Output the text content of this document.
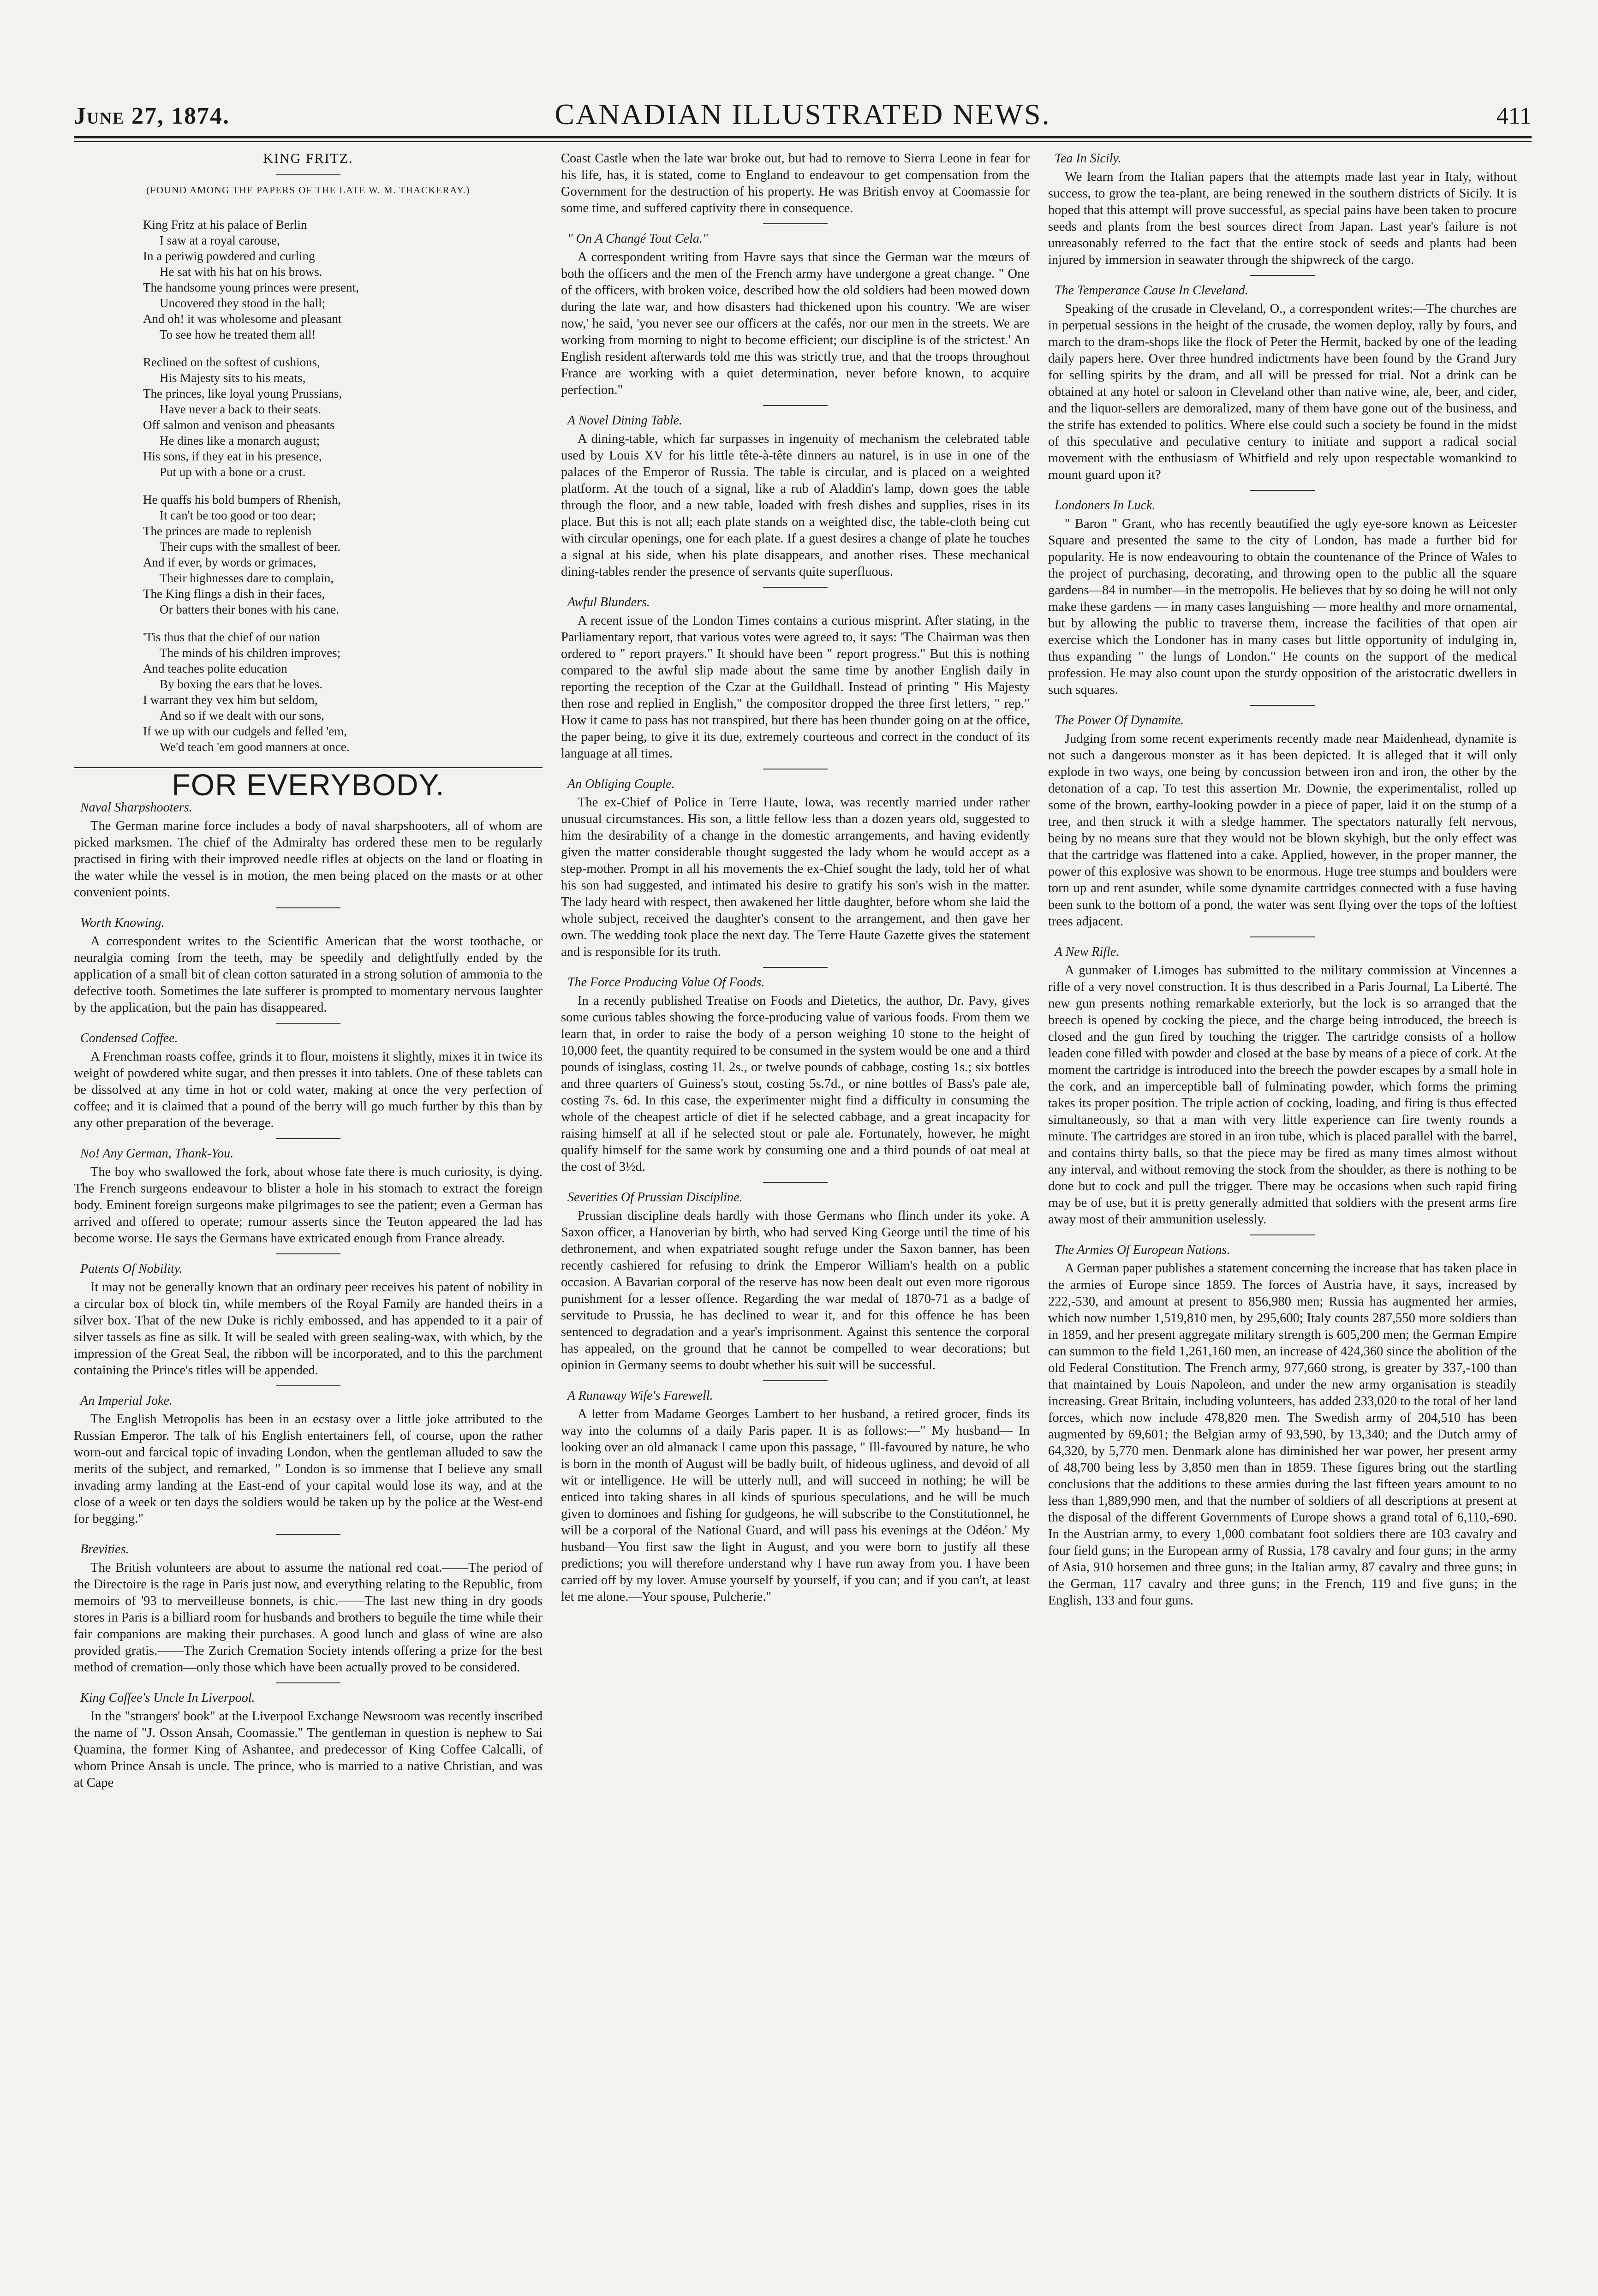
June 27, 1874.	CANADIAN ILLUSTRATED NEWS.	411
KING FRITZ.
(FOUND AMONG THE PAPERS OF THE LATE W. M. THACKERAY.)
King Fritz at his palace of Berlin
I saw at a royal carouse,
In a periwig powdered and curling
He sat with his hat on his brows.
The handsome young princes were present,
Uncovered they stood in the hall;
And oh! it was wholesome and pleasant
To see how he treated them all!
Reclined on the softest of cushions,
His Majesty sits to his meats,
The princes, like loyal young Prussians,
Have never a back to their seats.
Off salmon and venison and pheasants
He dines like a monarch august;
His sons, if they eat in his presence,
Put up with a bone or a crust.
He quaffs his bold bumpers of Rhenish,
It can't be too good or too dear;
The princes are made to replenish
Their cups with the smallest of beer.
And if ever, by words or grimaces,
Their highnesses dare to complain,
The King flings a dish in their faces,
Or batters their bones with his cane.
'Tis thus that the chief of our nation
The minds of his children improves;
And teaches polite education
By boxing the ears that he loves.
I warrant they vex him but seldom,
And so if we dealt with our sons,
If we up with our cudgels and felled 'em,
We'd teach 'em good manners at once.
FOR EVERYBODY.
Naval Sharpshooters.

The German marine force includes a body of naval sharpshooters, all of whom are picked marksmen. The chief of the Admiralty has ordered these men to be regularly practised in firing with their improved needle rifles at objects on the land or floating in the water while the vessel is in motion, the men being placed on the masts or at other convenient points.

Worth Knowing.

A correspondent writes to the Scientific American that the worst toothache, or neuralgia coming from the teeth, may be speedily and delightfully ended by the application of a small bit of clean cotton saturated in a strong solution of ammonia to the defective tooth. Sometimes the late sufferer is prompted to momentary nervous laughter by the application, but the pain has disappeared.

Condensed Coffee.

A Frenchman roasts coffee, grinds it to flour, moistens it slightly, mixes it in twice its weight of powdered white sugar, and then presses it into tablets. One of these tablets can be dissolved at any time in hot or cold water, making at once the very perfection of coffee; and it is claimed that a pound of the berry will go much further by this than by any other preparation of the beverage.

No! Any German, Thank-You.

The boy who swallowed the fork, about whose fate there is much curiosity, is dying. The French surgeons endeavour to blister a hole in his stomach to extract the foreign body. Eminent foreign surgeons make pilgrimages to see the patient; even a German has arrived and offered to operate; rumour asserts since the Teuton appeared the lad has become worse. He says the Germans have extricated enough from France already.

Patents Of Nobility.

It may not be generally known that an ordinary peer receives his patent of nobility in a circular box of block tin, while members of the Royal Family are handed theirs in a silver box. That of the new Duke is richly embossed, and has appended to it a pair of silver tassels as fine as silk. It will be sealed with green sealing-wax, with which, by the impression of the Great Seal, the ribbon will be incorporated, and to this the parchment containing the Prince's titles will be appended.

An Imperial Joke.

The English Metropolis has been in an ecstasy over a little joke attributed to the Russian Emperor. The talk of his English entertainers fell, of course, upon the rather worn-out and farcical topic of invading London, when the gentleman alluded to saw the merits of the subject, and remarked, " London is so immense that I believe any small invading army landing at the East-end of your capital would lose its way, and at the close of a week or ten days the soldiers would be taken up by the police at the West-end for begging."

Brevities.

The British volunteers are about to assume the national red coat.——The period of the Directoire is the rage in Paris just now, and everything relating to the Republic, from memoirs of '93 to merveilleuse bonnets, is chic.——The last new thing in dry goods stores in Paris is a billiard room for husbands and brothers to beguile the time while their fair companions are making their purchases. A good lunch and glass of wine are also provided gratis.——The Zurich Cremation Society intends offering a prize for the best method of cremation—only those which have been actually proved to be considered.

King Coffee's Uncle In Liverpool.

In the "strangers' book" at the Liverpool Exchange Newsroom was recently inscribed the name of "J. Osson Ansah, Coomassie." The gentleman in question is nephew to Sai Quamina, the former King of Ashantee, and predecessor of King Coffee Calcalli, of whom Prince Ansah is uncle. The prince, who is married to a native Christian, and was at Cape

Coast Castle when the late war broke out, but had to remove to Sierra Leone in fear for his life, has, it is stated, come to England to endeavour to get compensation from the Government for the destruction of his property. He was British envoy at Coomassie for some time, and suffered captivity there in consequence.

" On A Changé Tout Cela."

A correspondent writing from Havre says that since the German war the mœurs of both the officers and the men of the French army have undergone a great change. " One of the officers, with broken voice, described how the old soldiers had been mowed down during the late war, and how disasters had thickened upon his country. 'We are wiser now,' he said, 'you never see our officers at the cafés, nor our men in the streets. We are working from morning to night to become efficient; our discipline is of the strictest.' An English resident afterwards told me this was strictly true, and that the troops throughout France are working with a quiet determination, never before known, to acquire perfection."

A Novel Dining Table.

A dining-table, which far surpasses in ingenuity of mechanism the celebrated table used by Louis XV for his little tête-à-tête dinners au naturel, is in use in one of the palaces of the Emperor of Russia. The table is circular, and is placed on a weighted platform. At the touch of a signal, like a rub of Aladdin's lamp, down goes the table through the floor, and a new table, loaded with fresh dishes and supplies, rises in its place. But this is not all; each plate stands on a weighted disc, the table-cloth being cut with circular openings, one for each plate. If a guest desires a change of plate he touches a signal at his side, when his plate disappears, and another rises. These mechanical dining-tables render the presence of servants quite superfluous.

Awful Blunders.

A recent issue of the London Times contains a curious misprint. After stating, in the Parliamentary report, that various votes were agreed to, it says: 'The Chairman was then ordered to " report prayers." It should have been " report progress." But this is nothing compared to the awful slip made about the same time by another English daily in reporting the reception of the Czar at the Guildhall. Instead of printing " His Majesty then rose and replied in English," the compositor dropped the three first letters, " rep." How it came to pass has not transpired, but there has been thunder going on at the office, the paper being, to give it its due, extremely courteous and correct in the conduct of its language at all times.

An Obliging Couple.

The ex-Chief of Police in Terre Haute, Iowa, was recently married under rather unusual circumstances. His son, a little fellow less than a dozen years old, suggested to him the desirability of a change in the domestic arrangements, and having evidently given the matter considerable thought suggested the lady whom he would accept as a step-mother. Prompt in all his movements the ex-Chief sought the lady, told her of what his son had suggested, and intimated his desire to gratify his son's wish in the matter. The lady heard with respect, then awakened her little daughter, before whom she laid the whole subject, received the daughter's consent to the arrangement, and then gave her own. The wedding took place the next day. The Terre Haute Gazette gives the statement and is responsible for its truth.

The Force Producing Value Of Foods.

In a recently published Treatise on Foods and Dietetics, the author, Dr. Pavy, gives some curious tables showing the force-producing value of various foods. From them we learn that, in order to raise the body of a person weighing 10 stone to the height of 10,000 feet, the quantity required to be consumed in the system would be one and a third pounds of isinglass, costing 1l. 2s., or twelve pounds of cabbage, costing 1s.; six bottles and three quarters of Guiness's stout, costing 5s.7d., or nine bottles of Bass's pale ale, costing 7s. 6d. In this case, the experimenter might find a difficulty in consuming the whole of the cheapest article of diet if he selected cabbage, and a great incapacity for raising himself at all if he selected stout or pale ale. Fortunately, however, he might qualify himself for the same work by consuming one and a third pounds of oat meal at the cost of 3½d.

Severities Of Prussian Discipline.

Prussian discipline deals hardly with those Germans who flinch under its yoke. A Saxon officer, a Hanoverian by birth, who had served King George until the time of his dethronement, and when expatriated sought refuge under the Saxon banner, has been recently cashiered for refusing to drink the Emperor William's health on a public occasion. A Bavarian corporal of the reserve has now been dealt out even more rigorous punishment for a lesser offence. Regarding the war medal of 1870-71 as a badge of servitude to Prussia, he has declined to wear it, and for this offence he has been sentenced to degradation and a year's imprisonment. Against this sentence the corporal has appealed, on the ground that he cannot be compelled to wear decorations; but opinion in Germany seems to doubt whether his suit will be successful.

A Runaway Wife's Farewell.

A letter from Madame Georges Lambert to her husband, a retired grocer, finds its way into the columns of a daily Paris paper. It is as follows:—" My husband— In looking over an old almanack I came upon this passage, " Ill-favoured by nature, he who is born in the month of August will be badly built, of hideous ugliness, and devoid of all wit or intelligence. He will be utterly null, and will succeed in nothing; he will be enticed into taking shares in all kinds of spurious speculations, and he will be much given to dominoes and fishing for gudgeons, he will subscribe to the Constitutionnel, he will be a corporal of the National Guard, and will pass his evenings at the Odéon.' My husband—You first saw the light in August, and you were born to justify all these predictions; you will therefore understand why I have run away from you. I have been carried off by my lover. Amuse yourself by yourself, if you can; and if you can't, at least let me alone.—Your spouse, Pulcherie."

Tea In Sicily.

We learn from the Italian papers that the attempts made last year in Italy, without success, to grow the tea-plant, are being renewed in the southern districts of Sicily. It is hoped that this attempt will prove successful, as special pains have been taken to procure seeds and plants from the best sources direct from Japan. Last year's failure is not unreasonably referred to the fact that the entire stock of seeds and plants had been injured by immersion in seawater through the shipwreck of the cargo.

The Temperance Cause In Cleveland.

Speaking of the crusade in Cleveland, O., a correspondent writes:—The churches are in perpetual sessions in the height of the crusade, the women deploy, rally by fours, and march to the dram-shops like the flock of Peter the Hermit, backed by one of the leading daily papers here. Over three hundred indictments have been found by the Grand Jury for selling spirits by the dram, and all will be pressed for trial. Not a drink can be obtained at any hotel or saloon in Cleveland other than native wine, ale, beer, and cider, and the liquor-sellers are demoralized, many of them have gone out of the business, and the strife has extended to politics. Where else could such a society be found in the midst of this speculative and peculative century to initiate and support a radical social movement with the enthusiasm of Whitfield and rely upon respectable womankind to mount guard upon it?

Londoners In Luck.

" Baron " Grant, who has recently beautified the ugly eye-sore known as Leicester Square and presented the same to the city of London, has made a further bid for popularity. He is now endeavouring to obtain the countenance of the Prince of Wales to the project of purchasing, decorating, and throwing open to the public all the square gardens—84 in number—in the metropolis. He believes that by so doing he will not only make these gardens — in many cases languishing — more healthy and more ornamental, but by allowing the public to traverse them, increase the facilities of that open air exercise which the Londoner has in many cases but little opportunity of indulging in, thus expanding " the lungs of London." He counts on the support of the medical profession. He may also count upon the sturdy opposition of the aristocratic dwellers in such squares.

The Power Of Dynamite.

Judging from some recent experiments recently made near Maidenhead, dynamite is not such a dangerous monster as it has been depicted. It is alleged that it will only explode in two ways, one being by concussion between iron and iron, the other by the detonation of a cap. To test this assertion Mr. Downie, the experimentalist, rolled up some of the brown, earthy-looking powder in a piece of paper, laid it on the stump of a tree, and then struck it with a sledge hammer. The spectators naturally felt nervous, being by no means sure that they would not be blown skyhigh, but the only effect was that the cartridge was flattened into a cake. Applied, however, in the proper manner, the power of this explosive was shown to be enormous. Huge tree stumps and boulders were torn up and rent asunder, while some dynamite cartridges connected with a fuse having been sunk to the bottom of a pond, the water was sent flying over the tops of the loftiest trees adjacent.

A New Rifle.

A gunmaker of Limoges has submitted to the military commission at Vincennes a rifle of a very novel construction. It is thus described in a Paris Journal, La Liberté. The new gun presents nothing remarkable exteriorly, but the lock is so arranged that the breech is opened by cocking the piece, and the charge being introduced, the breech is closed and the gun fired by touching the trigger. The cartridge consists of a hollow leaden cone filled with powder and closed at the base by means of a piece of cork. At the moment the cartridge is introduced into the breech the powder escapes by a small hole in the cork, and an imperceptible ball of fulminating powder, which forms the priming takes its proper position. The triple action of cocking, loading, and firing is thus effected simultaneously, so that a man with very little experience can fire twenty rounds a minute. The cartridges are stored in an iron tube, which is placed parallel with the barrel, and contains thirty balls, so that the piece may be fired as many times almost without any interval, and without removing the stock from the shoulder, as there is nothing to be done but to cock and pull the trigger. There may be occasions when such rapid firing may be of use, but it is pretty generally admitted that soldiers with the present arms fire away most of their ammunition uselessly.

The Armies Of European Nations.

A German paper publishes a statement concerning the increase that has taken place in the armies of Europe since 1859. The forces of Austria have, it says, increased by 222,-530, and amount at present to 856,980 men; Russia has augmented her armies, which now number 1,519,810 men, by 295,600; Italy counts 287,550 more soldiers than in 1859, and her present aggregate military strength is 605,200 men; the German Empire can summon to the field 1,261,160 men, an increase of 424,360 since the abolition of the old Federal Constitution. The French army, 977,660 strong, is greater by 337,-100 than that maintained by Louis Napoleon, and under the new army organisation is steadily increasing. Great Britain, including volunteers, has added 233,020 to the total of her land forces, which now include 478,820 men. The Swedish army of 204,510 has been augmented by 69,601; the Belgian army of 93,590, by 13,340; and the Dutch army of 64,320, by 5,770 men. Denmark alone has diminished her war power, her present army of 48,700 being less by 3,850 men than in 1859. These figures bring out the startling conclusions that the additions to these armies during the last fifteen years amount to no less than 1,889,990 men, and that the number of soldiers of all descriptions at present at the disposal of the different Governments of Europe shows a grand total of 6,110,-690. In the Austrian army, to every 1,000 combatant foot soldiers there are 103 cavalry and four field guns; in the European army of Russia, 178 cavalry and four guns; in the army of Asia, 910 horsemen and three guns; in the Italian army, 87 cavalry and three guns; in the German, 117 cavalry and three guns; in the French, 119 and five guns; in the English, 133 and four guns.
